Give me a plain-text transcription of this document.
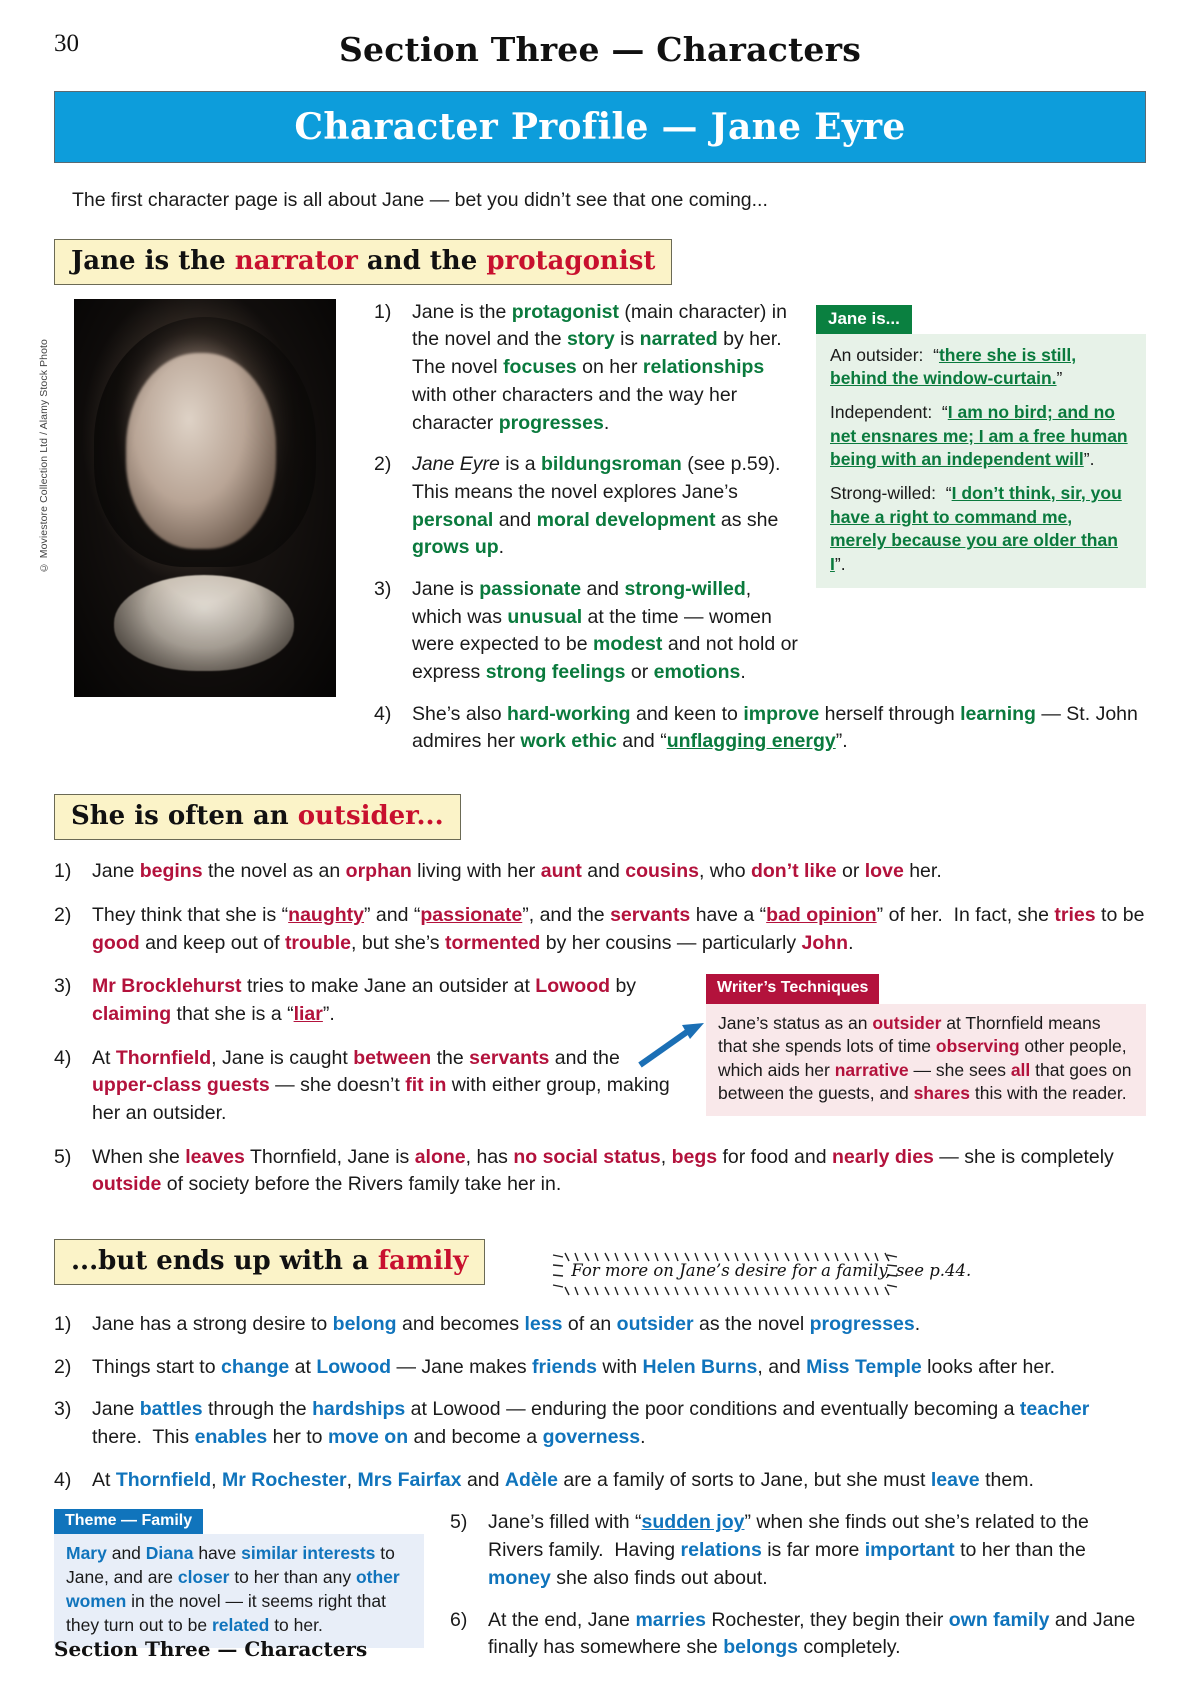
30	Section Three — Characters
Character Profile — Jane Eyre
The first character page is all about Jane — bet you didn’t see that one coming...
Jane is the narrator and the protagonist
© Moviestore Collection Ltd / Alamy Stock Photo
Jane is...

An outsider:  “there she is still, behind the window-curtain.”

Independent:  “I am no bird; and no net ensnares me; I am a free human being with an independent will”.

Strong-willed:  “I don’t think, sir, you have a right to command me, merely because you are older than I”.

1)	Jane is the protagonist (main character) in the novel and the story is narrated by her.  The novel focuses on her relationships with other characters and the way her character progresses.
2)	Jane Eyre is a bildungsroman (see p.59).  This means the novel explores Jane’s personal and moral development as she grows up.
3)	Jane is passionate and strong-willed, which was unusual at the time — women were expected to be modest and not hold or express strong feelings or emotions.
4)	She’s also hard-working and keen to improve herself through learning — St. John admires her work ethic and “unflagging energy”.
She is often an outsider...
1)	Jane begins the novel as an orphan living with her aunt and cousins, who don’t like or love her.
2)	They think that she is “naughty” and “passionate”, and the servants have a “bad opinion” of her.  In fact, she tries to be good and keep out of trouble, but she’s tormented by her cousins — particularly John.
Writer’s Techniques
Jane’s status as an outsider at Thornfield means that she spends lots of time observing other people, which aids her narrative — she sees all that goes on between the guests, and shares this with the reader.
3)	Mr Brocklehurst tries to make Jane an outsider at Lowood by claiming that she is a “liar”.
4)	At Thornfield, Jane is caught between the servants and the upper-class guests — she doesn’t fit in with either group, making her an outsider.
5)	When she leaves Thornfield, Jane is alone, has no social status, begs for food and nearly dies — she is completely outside of society before the Rivers family take her in.
...but ends up with a family	For more on Jane’s desire for a family, see p.44.
1)	Jane has a strong desire to belong and becomes less of an outsider as the novel progresses.
2)	Things start to change at Lowood — Jane makes friends with Helen Burns, and Miss Temple looks after her.
3)	Jane battles through the hardships at Lowood — enduring the poor conditions and eventually becoming a teacher there.  This enables her to move on and become a governess.
4)	At Thornfield, Mr Rochester, Mrs Fairfax and Adèle are a family of sorts to Jane, but she must leave them.
Theme — Family
Mary and Diana have similar interests to Jane, and are closer to her than any other women in the novel — it seems right that they turn out to be related to her.
5)	Jane’s filled with “sudden joy” when she finds out she’s related to the Rivers family.  Having relations is far more important to her than the money she also finds out about.
6)	At the end, Jane marries Rochester, they begin their own family and Jane finally has somewhere she belongs completely.
Section Three — Characters
